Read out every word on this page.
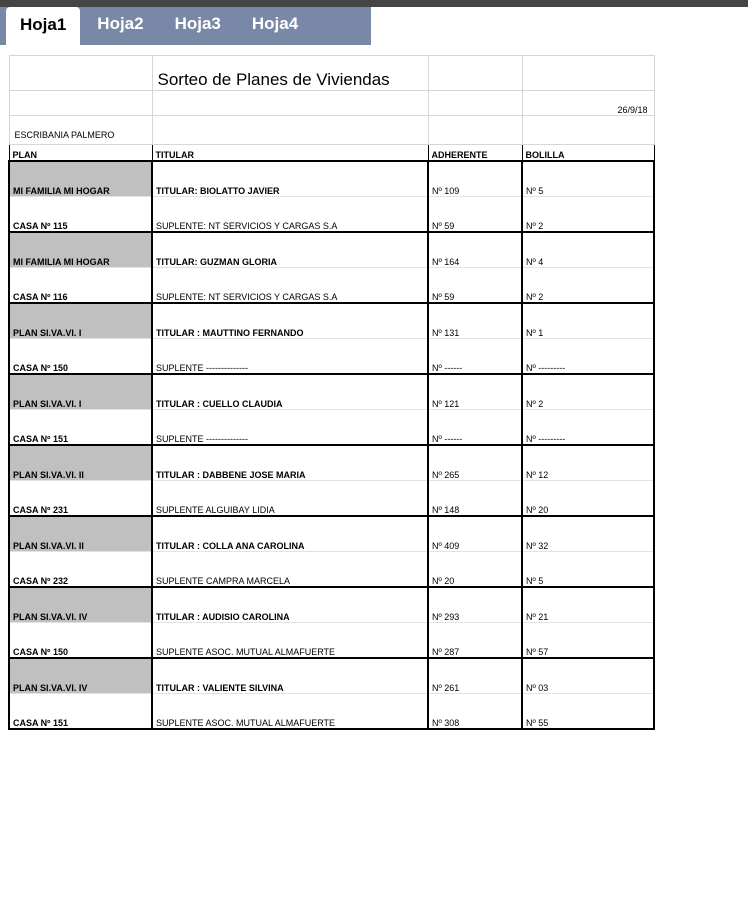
Hoja1	Hoja2	Hoja3	Hoja4
	Sorteo de Planes de Viviendas		
			26/9/18
ESCRIBANIA PALMERO			
PLAN	TITULAR	ADHERENTE	BOLILLA
MI FAMILIA MI HOGAR	TITULAR: BIOLATTO JAVIER	Nº 109	Nº 5
CASA Nº 115	SUPLENTE: NT SERVICIOS Y CARGAS S.A	Nº 59	Nº 2
MI FAMILIA MI HOGAR	TITULAR: GUZMAN GLORIA	Nº 164	Nº 4
CASA Nº 116	SUPLENTE: NT SERVICIOS Y CARGAS S.A	Nº 59	Nº 2
PLAN SI.VA.VI. I	TITULAR : MAUTTINO FERNANDO	Nº 131	Nº 1
CASA Nº 150	SUPLENTE --------------	Nº ------	Nº ---------
PLAN SI.VA.VI. I	TITULAR : CUELLO CLAUDIA	Nº 121	Nº 2
CASA Nº 151	SUPLENTE --------------	Nº ------	Nº ---------
PLAN SI.VA.VI. II	TITULAR : DABBENE JOSE MARIA	Nº 265	Nº 12
CASA Nº 231	SUPLENTE ALGUIBAY LIDIA	Nº 148	Nº 20
PLAN SI.VA.VI. II	TITULAR : COLLA ANA CAROLINA	Nº 409	Nº 32
CASA Nº 232	SUPLENTE CAMPRA MARCELA	Nº 20	Nº 5
PLAN SI.VA.VI. IV	TITULAR : AUDISIO CAROLINA	Nº 293	Nº 21
CASA Nº 150	SUPLENTE ASOC. MUTUAL ALMAFUERTE	Nº 287	Nº 57
PLAN SI.VA.VI. IV	TITULAR : VALIENTE SILVINA	Nº 261	Nº 03
CASA Nº 151	SUPLENTE ASOC. MUTUAL ALMAFUERTE	Nº 308	Nº 55
